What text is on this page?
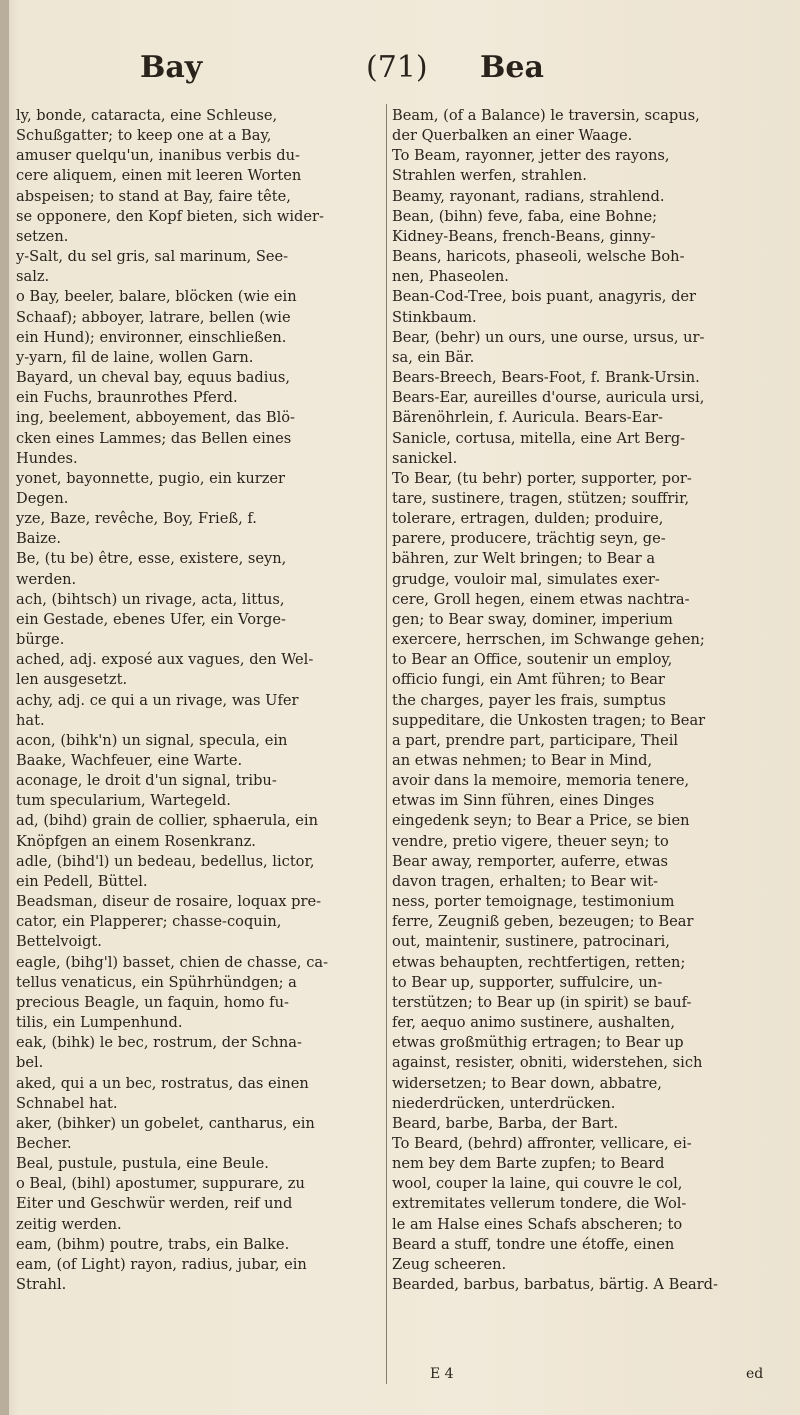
Bay	(71) Bea

ly, bonde, cataracta, eine Schleuse,

Schußgatter; to keep one at a Bay,

amuser quelqu'un, inanibus verbis du-

cere aliquem, einen mit leeren Worten

abspeisen; to stand at Bay, faire tête,

se opponere, den Kopf bieten, sich wider-

setzen.

y-Salt, du sel gris, sal marinum, See-

salz.

o Bay, beeler, balare, blöcken (wie ein

Schaaf); abboyer, latrare, bellen (wie

ein Hund); environner, einschließen.

y-yarn, fil de laine, wollen Garn.

Bayard, un cheval bay, equus badius,

ein Fuchs, braunrothes Pferd.

ing, beelement, abboyement, das Blö-

cken eines Lammes; das Bellen eines

Hundes.

yonet, bayonnette, pugio, ein kurzer

Degen.

yze, Baze, revêche, Boy, Frieß, f.

Baize.

Be, (tu be) être, esse, existere, seyn,

werden.

ach, (bihtsch) un rivage, acta, littus,

ein Gestade, ebenes Ufer, ein Vorge-

bürge.

ached, adj. exposé aux vagues, den Wel-

len ausgesetzt.

achy, adj. ce qui a un rivage, was Ufer

hat.

acon, (bihk'n) un signal, specula, ein

Baake, Wachfeuer, eine Warte.

aconage, le droit d'un signal, tribu-

tum specularium, Wartegeld.

ad, (bihd) grain de collier, sphaerula, ein

Knöpfgen an einem Rosenkranz.

adle, (bihd'l) un bedeau, bedellus, lictor,

ein Pedell, Büttel.

Beadsman, diseur de rosaire, loquax pre-

cator, ein Plapperer; chasse-coquin,

Bettelvoigt.

eagle, (bihg'l) basset, chien de chasse, ca-

tellus venaticus, ein Spührhündgen; a

precious Beagle, un faquin, homo fu-

tilis, ein Lumpenhund.

eak, (bihk) le bec, rostrum, der Schna-

bel.

aked, qui a un bec, rostratus, das einen

Schnabel hat.

aker, (bihker) un gobelet, cantharus, ein

Becher.

Beal, pustule, pustula, eine Beule.

o Beal, (bihl) apostumer, suppurare, zu

Eiter und Geschwür werden, reif und

zeitig werden.

eam, (bihm) poutre, trabs, ein Balke.

eam, (of Light) rayon, radius, jubar, ein

Strahl.

Beam, (of a Balance) le traversin, scapus,

der Querbalken an einer Waage.

To Beam, rayonner, jetter des rayons,

Strahlen werfen, strahlen.

Beamy, rayonant, radians, strahlend.

Bean, (bihn) feve, faba, eine Bohne;

Kidney-Beans, french-Beans, ginny-

Beans, haricots, phaseoli, welsche Boh-

nen, Phaseolen.

Bean-Cod-Tree, bois puant, anagyris, der

Stinkbaum.

Bear, (behr) un ours, une ourse, ursus, ur-

sa, ein Bär.

Bears-Breech, Bears-Foot, f. Brank-Ursin.

Bears-Ear, aureilles d'ourse, auricula ursi,

Bärenöhrlein, f. Auricula. Bears-Ear-

Sanicle, cortusa, mitella, eine Art Berg-

sanickel.

To Bear, (tu behr) porter, supporter, por-

tare, sustinere, tragen, stützen; souffrir,

tolerare, ertragen, dulden; produire,

parere, producere, trächtig seyn, ge-

bähren, zur Welt bringen; to Bear a

grudge, vouloir mal, simulates exer-

cere, Groll hegen, einem etwas nachtra-

gen; to Bear sway, dominer, imperium

exercere, herrschen, im Schwange gehen;

to Bear an Office, soutenir un employ,

officio fungi, ein Amt führen; to Bear

the charges, payer les frais, sumptus

suppeditare, die Unkosten tragen; to Bear

a part, prendre part, participare, Theil

an etwas nehmen; to Bear in Mind,

avoir dans la memoire, memoria tenere,

etwas im Sinn führen, eines Dinges

eingedenk seyn; to Bear a Price, se bien

vendre, pretio vigere, theuer seyn; to

Bear away, remporter, auferre, etwas

davon tragen, erhalten; to Bear wit-

ness, porter temoignage, testimonium

ferre, Zeugniß geben, bezeugen; to Bear

out, maintenir, sustinere, patrocinari,

etwas behaupten, rechtfertigen, retten;

to Bear up, supporter, suffulcire, un-

terstützen; to Bear up (in spirit) se bauf-

fer, aequo animo sustinere, aushalten,

etwas großmüthig ertragen; to Bear up

against, resister, obniti, widerstehen, sich

widersetzen; to Bear down, abbatre,

niederdrücken, unterdrücken.

Beard, barbe, Barba, der Bart.

To Beard, (behrd) affronter, vellicare, ei-

nem bey dem Barte zupfen; to Beard

wool, couper la laine, qui couvre le col,

extremitates vellerum tondere, die Wol-

le am Halse eines Schafs abscheren; to

Beard a stuff, tondre une étoffe, einen

Zeug scheeren.

Bearded, barbus, barbatus, bärtig. A Beard-

E 4	ed
